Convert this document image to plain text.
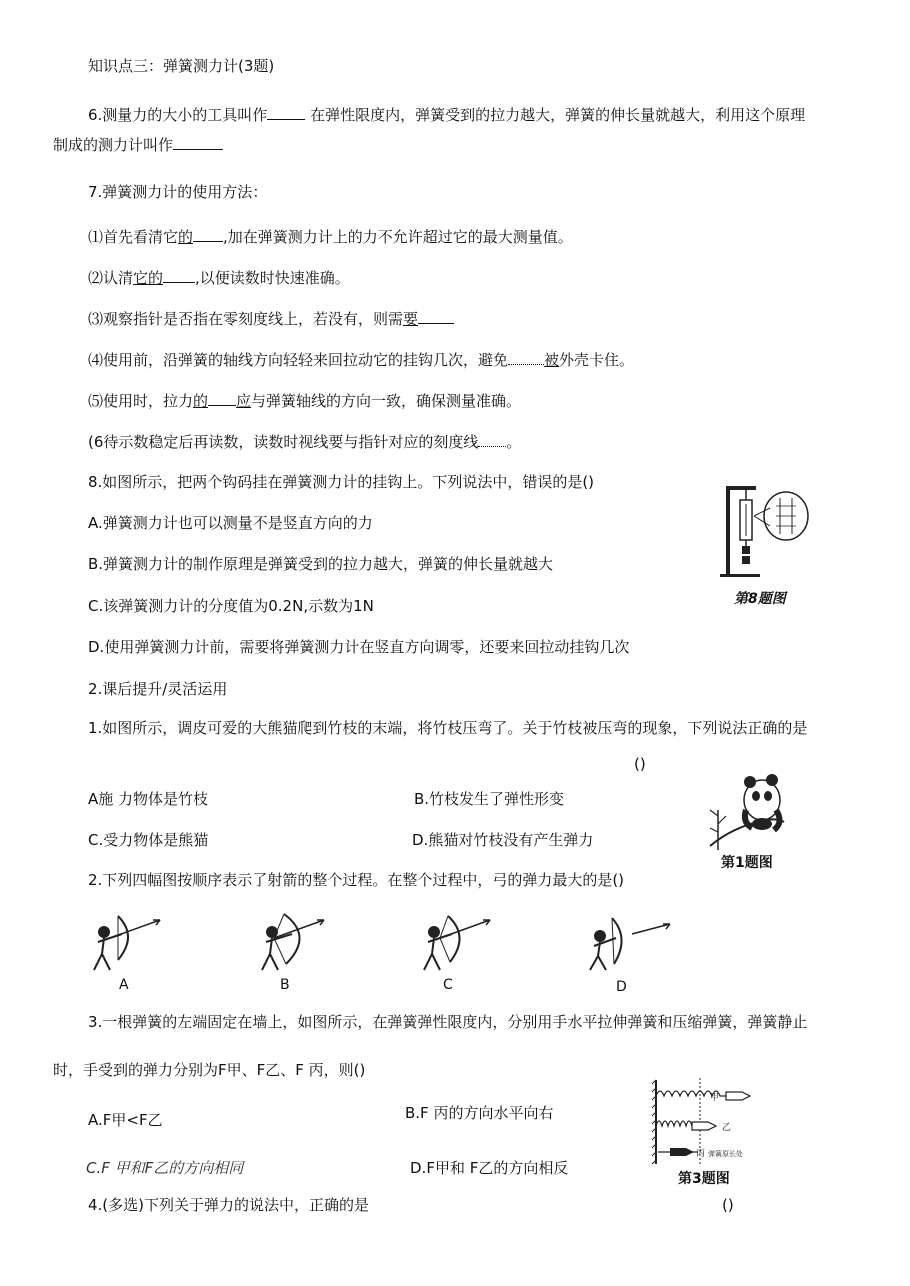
知识点三：弹簧测力计(3题)
6.测量力的大小的工具叫作	在弹性限度内，弹簧受到的拉力越大，弹簧的伸长量就越大，利用这个原理
制成的测力计叫作
7.弹簧测力计的使用方法：
⑴首先看清它的 ,加在弹簧测力计上的力不允许超过它的最大测量值。
⑵认清它的 ,以便读数时快速准确。
⑶观察指针是否指在零刻度线上，若没有，则需要
⑷使用前，沿弹簧的轴线方向轻轻来回拉动它的挂钩几次，避免 被外壳卡住。
⑸使用时，拉力的 应与弹簧轴线的方向一致，确保测量准确。
(6待示数稳定后再读数，读数时视线要与指针对应的刻度线 。
8.如图所示，把两个钩码挂在弹簧测力计的挂钩上。下列说法中，错误的是()
A.弹簧测力计也可以测量不是竖直方向的力
B.弹簧测力计的制作原理是弹簧受到的拉力越大，弹簧的伸长量就越大
C.该弹簧测力计的分度值为0.2N,示数为1N
D.使用弹簧测力计前，需要将弹簧测力计在竖直方向调零，还要来回拉动挂钩几次
第8题图
2.课后提升/灵活运用
1.如图所示，调皮可爱的大熊猫爬到竹枝的末端，将竹枝压弯了。关于竹枝被压弯的现象，下列说法正确的是
()
A施 力物体是竹枝	B.竹枝发生了弹性形变
C.受力物体是熊猫	D.熊猫对竹枝没有产生弹力
第1题图
2.下列四幅图按顺序表示了射箭的整个过程。在整个过程中，弓的弹力最大的是()
A	B	C	D
3.一根弹簧的左端固定在墙上，如图所示，在弹簧弹性限度内，分别用手水平拉伸弹簧和压缩弹簧，弹簧静止
时，手受到的弹力分别为F甲、F乙、F 丙，则()
A.F甲<F乙	B.F 丙的方向水平向右
C.F 甲和F乙的方向相同	D.F甲和 F乙的方向相反
乙
甲
丙 弹簧原长处
第3题图
4.(多选)下列关于弹力的说法中，正确的是	()
